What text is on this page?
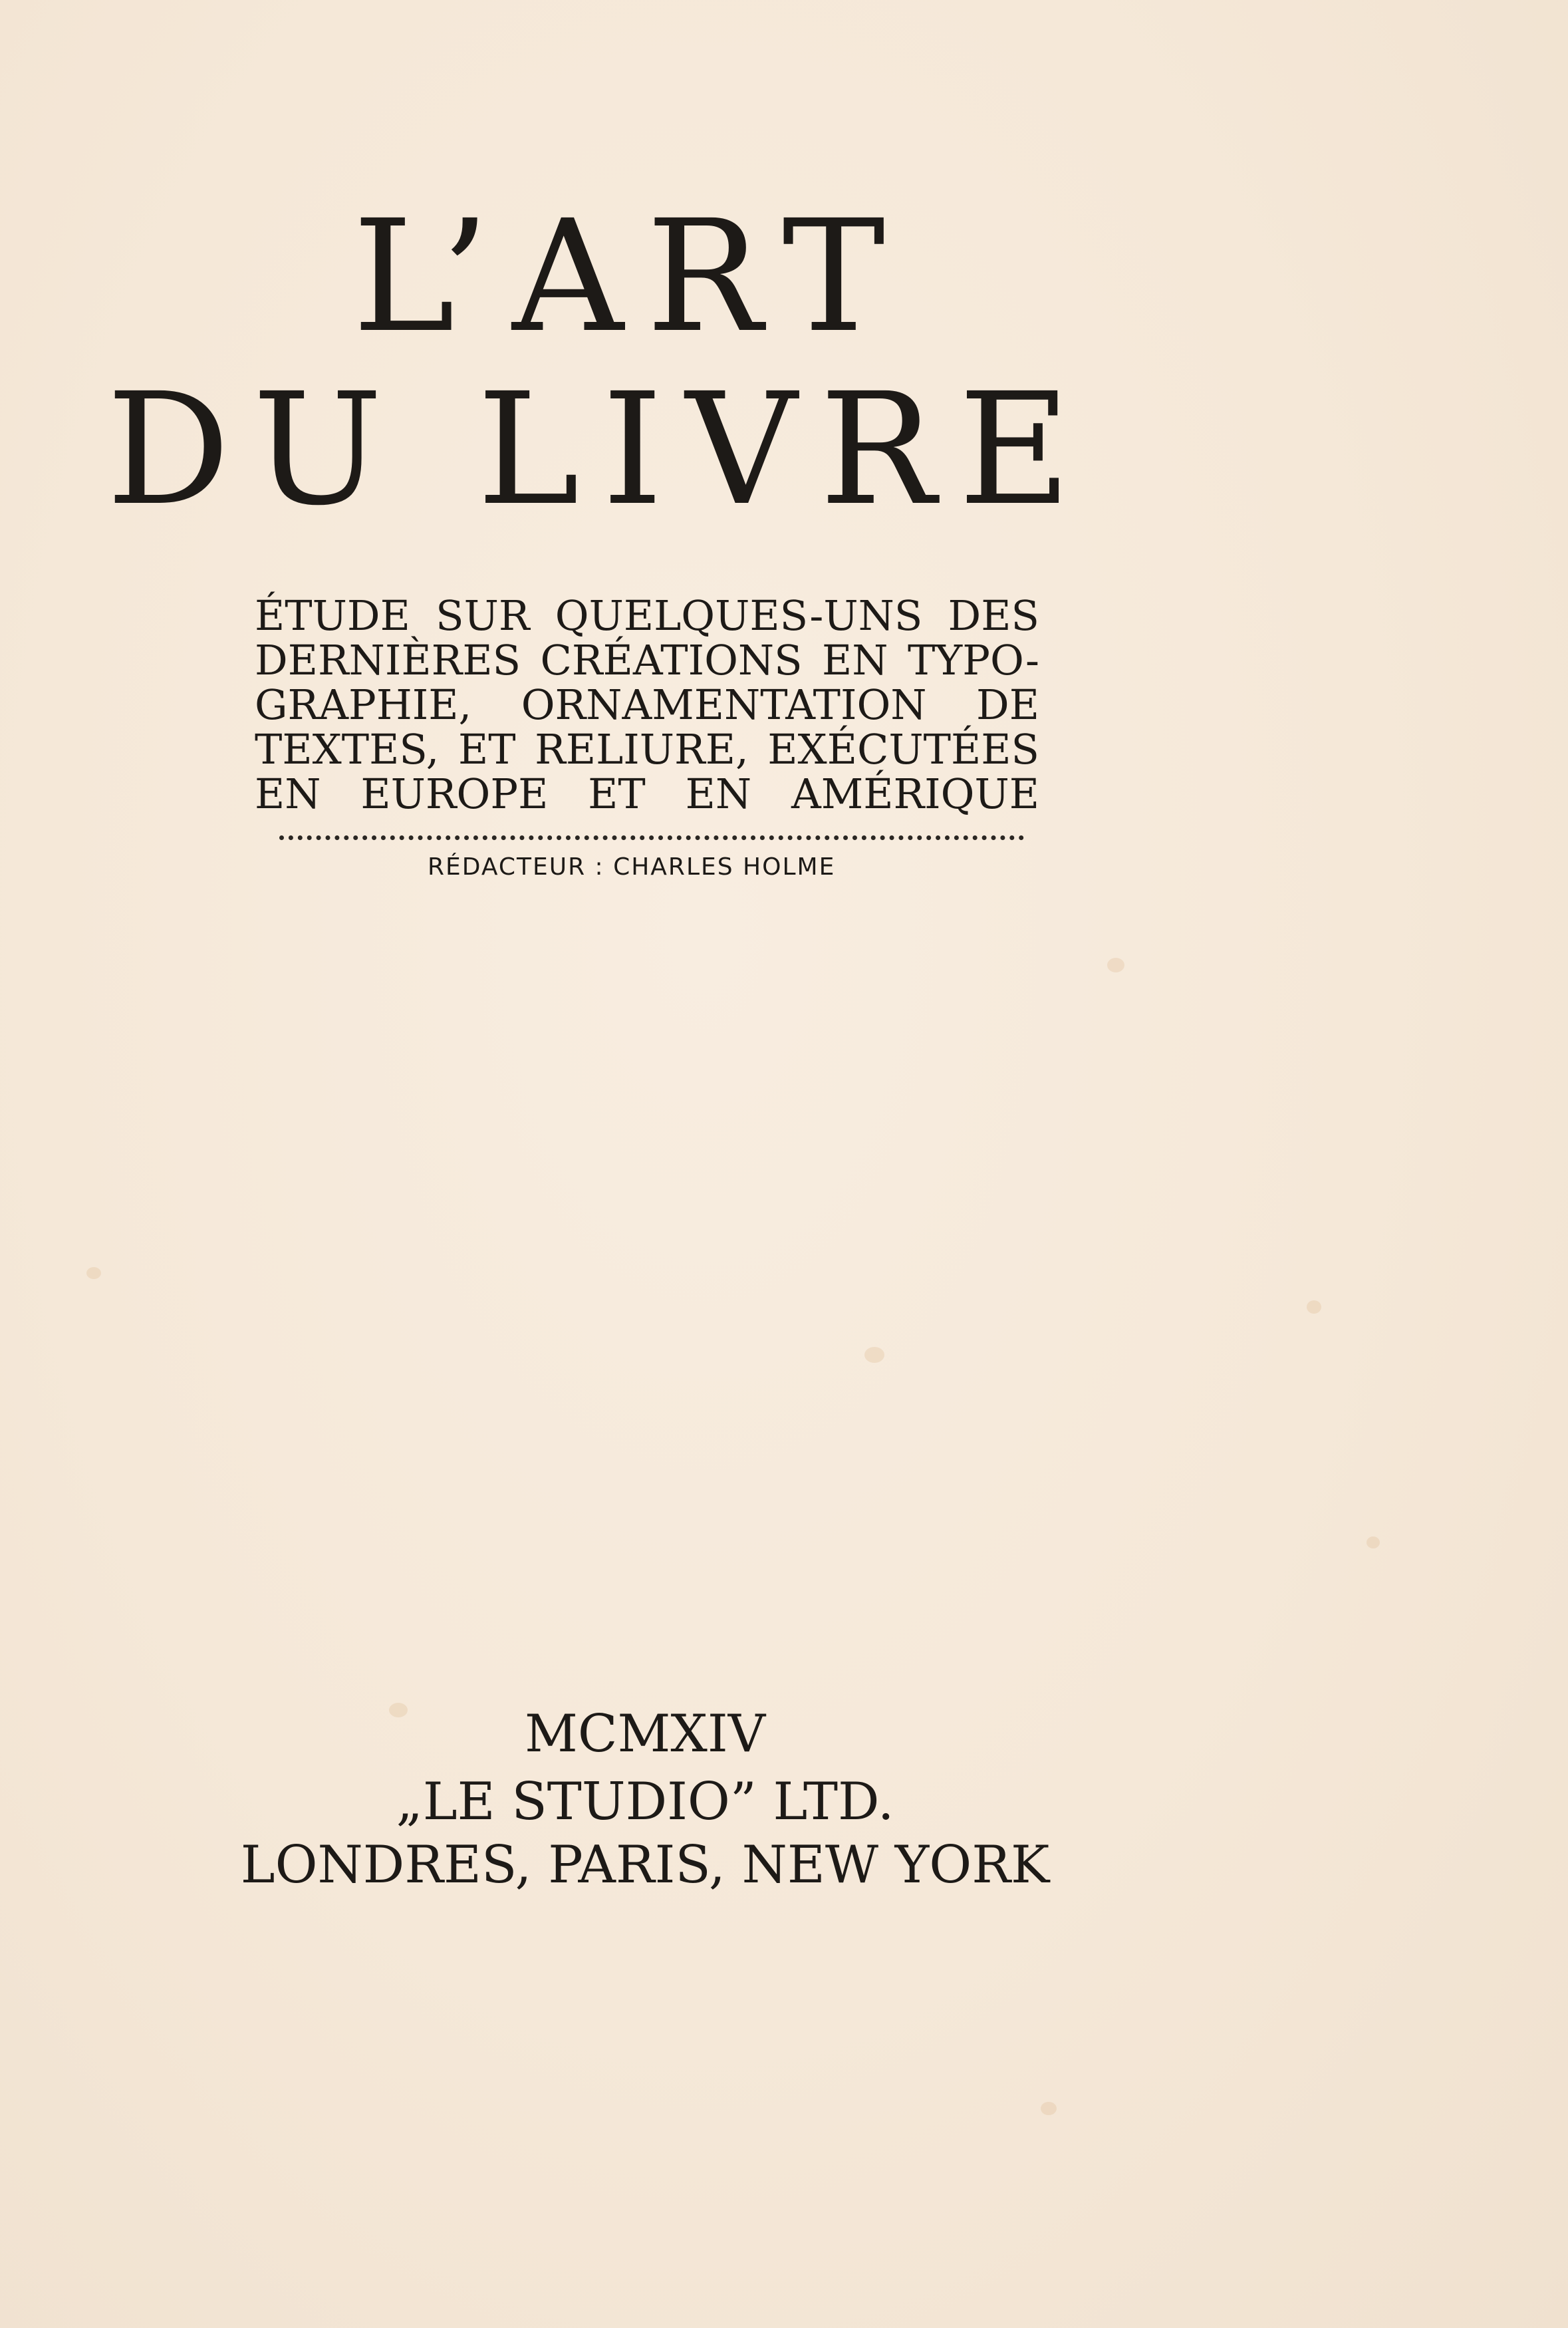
L’ART
DU LIVRE

ÉTUDE SUR QUELQUES-UNS DES

DERNIÈRES CRÉATIONS EN TYPO-

GRAPHIE, ORNAMENTATION DE

TEXTES, ET RELIURE, EXÉCUTÉES

EN EUROPE ET EN AMÉRIQUE

RÉDACTEUR : CHARLES HOLME

MCMXIV

„LE STUDIO” LTD.

LONDRES, PARIS, NEW YORK
